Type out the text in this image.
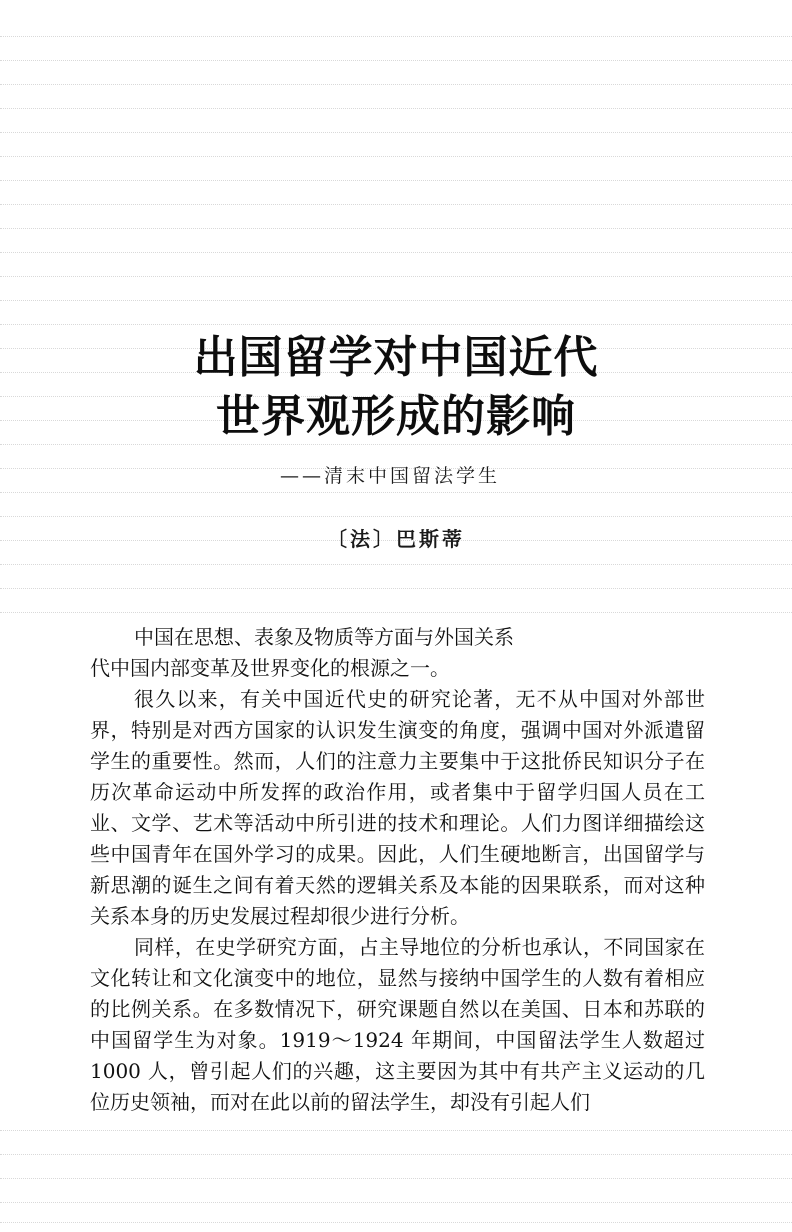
出国留学对中国近代
世界观形成的影响
——清末中国留法学生
〔法〕巴斯蒂

中国在思想、表象及物质等方面与外国关系
代中国内部变革及世界变化的根源之一。

很久以来，有关中国近代史的研究论著，无不从中国对外部世界，特别是对西方国家的认识发生演变的角度，强调中国对外派遣留学生的重要性。然而，人们的注意力主要集中于这批侨民知识分子在历次革命运动中所发挥的政治作用，或者集中于留学归国人员在工业、文学、艺术等活动中所引进的技术和理论。人们力图详细描绘这些中国青年在国外学习的成果。因此，人们生硬地断言，出国留学与新思潮的诞生之间有着天然的逻辑关系及本能的因果联系，而对这种关系本身的历史发展过程却很少进行分析。

同样，在史学研究方面，占主导地位的分析也承认，不同国家在文化转让和文化演变中的地位，显然与接纳中国学生的人数有着相应的比例关系。在多数情况下，研究课题自然以在美国、日本和苏联的中国留学生为对象。1919～1924 年期间，中国留法学生人数超过 1000 人，曾引起人们的兴趣，这主要因为其中有共产主义运动的几位历史领袖，而对在此以前的留法学生，却没有引起人们
